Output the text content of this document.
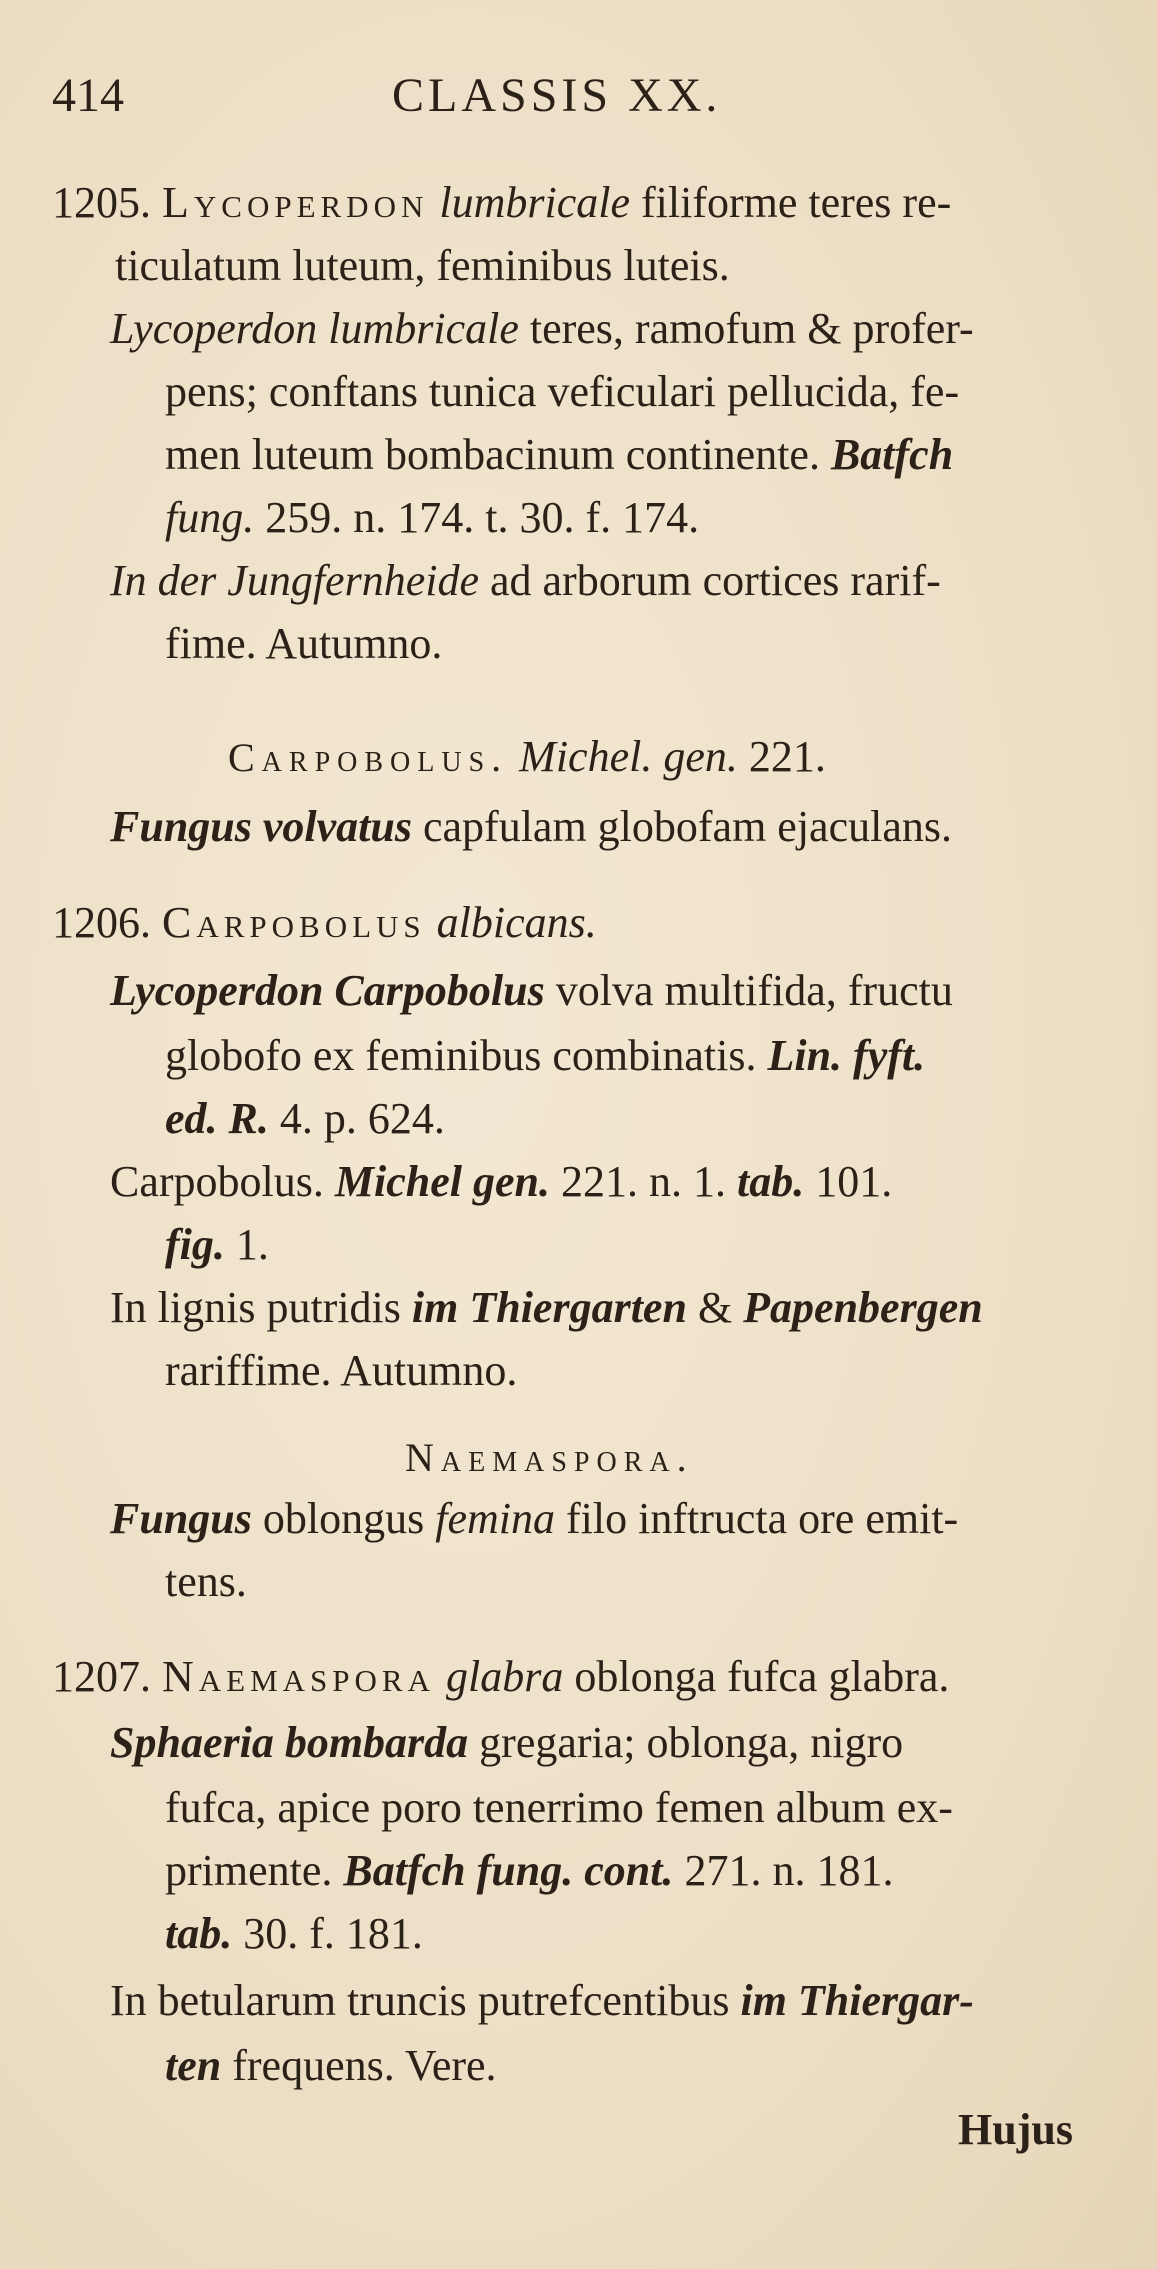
414	CLASSIS XX.
1205. Lycoperdon lumbricale filiforme teres re-
ticulatum luteum, feminibus luteis.
Lycoperdon lumbricale teres, ramofum & profer-
pens; conftans tunica veficulari pellucida, fe-
men luteum bombacinum continente. Batfch
fung. 259. n. 174. t. 30. f. 174.
In der Jungfernheide ad arborum cortices rarif-
fime. Autumno.
Carpobolus. Michel. gen. 221.
Fungus volvatus capfulam globofam ejaculans.
1206. Carpobolus albicans.
Lycoperdon Carpobolus volva multifida, fructu
globofo ex feminibus combinatis. Lin. fyft.
ed. R. 4. p. 624.
Carpobolus. Michel gen. 221. n. 1. tab. 101.
fig. 1.
In lignis putridis im Thiergarten & Papenbergen
rariffime. Autumno.
Naemaspora.
Fungus oblongus femina filo inftructa ore emit-
tens.
1207. Naemaspora glabra oblonga fufca glabra.
Sphaeria bombarda gregaria; oblonga, nigro
fufca, apice poro tenerrimo femen album ex-
primente. Batfch fung. cont. 271. n. 181.
tab. 30. f. 181.
In betularum truncis putrefcentibus im Thiergar-
ten frequens. Vere.
Hujus
